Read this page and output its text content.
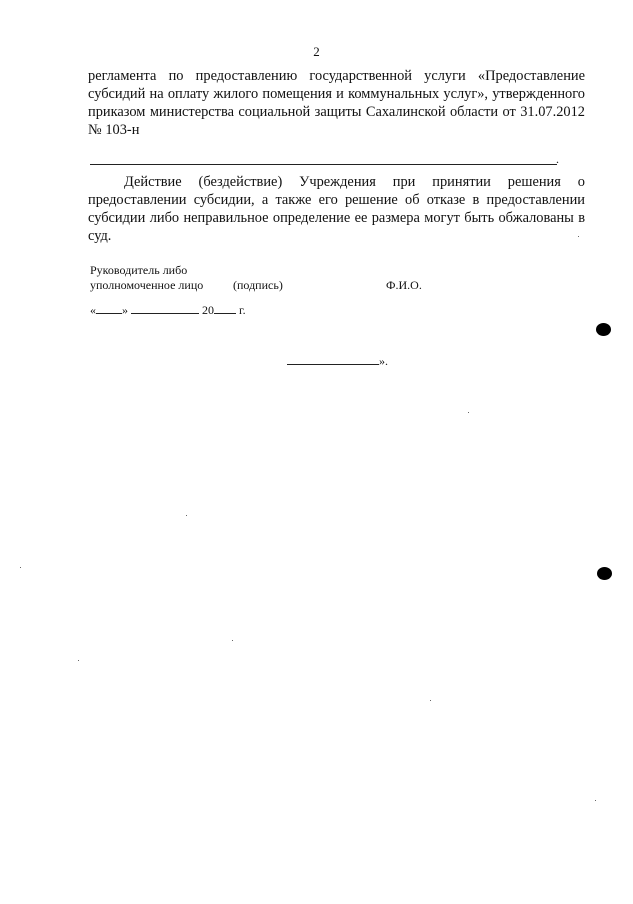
2

регламента по предоставлению государственной услуги «Предоставление субсидий на оплату жилого помещения и коммунальных услуг», утвержденного приказом министерства социальной защиты Сахалинской области от 31.07.2012 № 103-н

.

Действие (бездействие) Учреждения при принятии решения о предоставлении субсидии, а также его решение об отказе в предоставлении субсидии либо неправильное определение ее размера могут быть обжалованы в суд.

Руководитель либо
уполномоченное лицо (подпись)	Ф.И.О.
« »	20 г.
».
